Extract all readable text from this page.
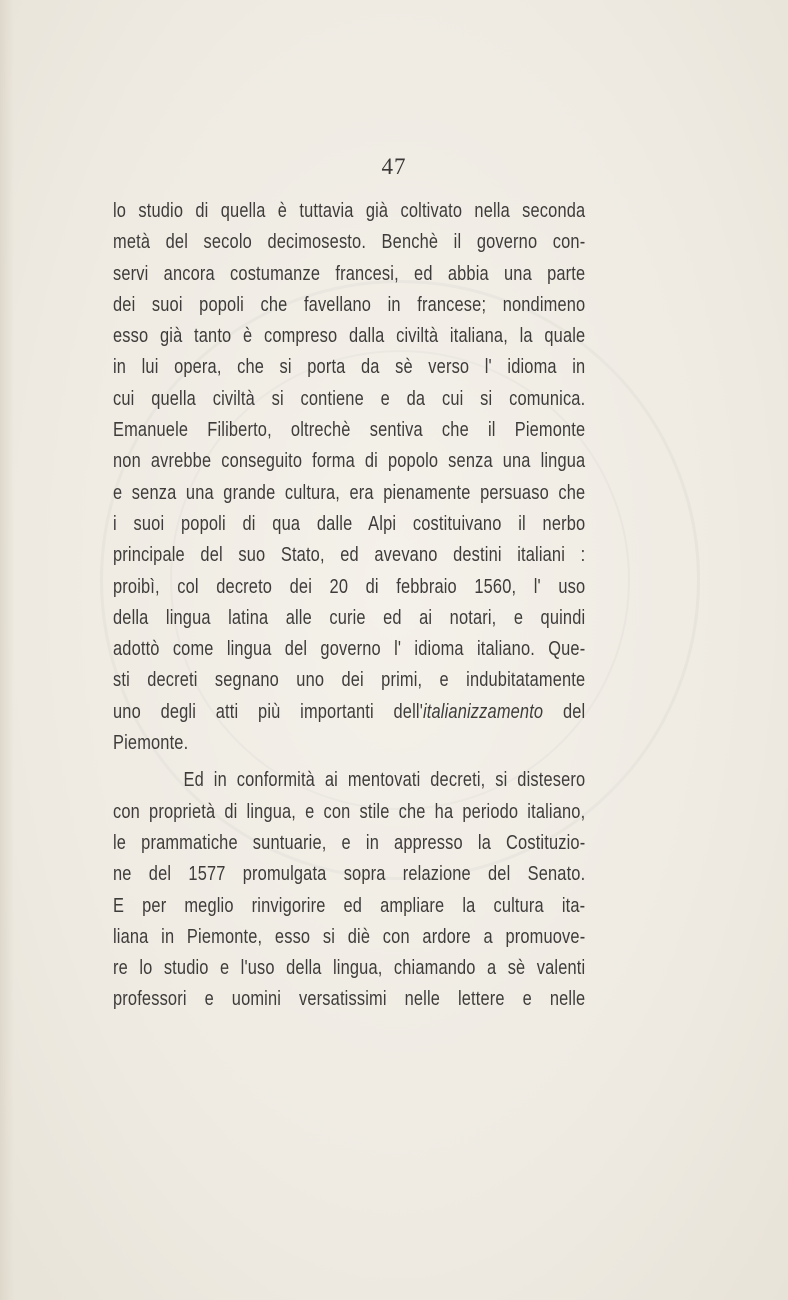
47
lo studio di quella è tuttavia già coltivato nella seconda
metà del secolo decimosesto. Benchè il governo con-
servi ancora costumanze francesi, ed abbia una parte
dei suoi popoli che favellano in francese; nondimeno
esso già tanto è compreso dalla civiltà italiana, la quale
in lui opera, che si porta da sè verso l' idioma in
cui quella civiltà si contiene e da cui si comunica.
Emanuele Filiberto, oltrechè sentiva che il Piemonte
non avrebbe conseguito forma di popolo senza una lingua
e senza una grande cultura, era pienamente persuaso che
i suoi popoli di qua dalle Alpi costituivano il nerbo
principale del suo Stato, ed avevano destini italiani :
proibì, col decreto dei 20 di febbraio 1560, l' uso
della lingua latina alle curie ed ai notari, e quindi
adottò come lingua del governo l' idioma italiano. Que-
sti decreti segnano uno dei primi, e indubitatamente
uno degli atti più importanti dell'italianizzamento del
Piemonte.
Ed in conformità ai mentovati decreti, si distesero
con proprietà di lingua, e con stile che ha periodo italiano,
le prammatiche suntuarie, e in appresso la Costituzio-
ne del 1577 promulgata sopra relazione del Senato.
E per meglio rinvigorire ed ampliare la cultura ita-
liana in Piemonte, esso si diè con ardore a promuove-
re lo studio e l'uso della lingua, chiamando a sè valenti
professori e uomini versatissimi nelle lettere e nelle
